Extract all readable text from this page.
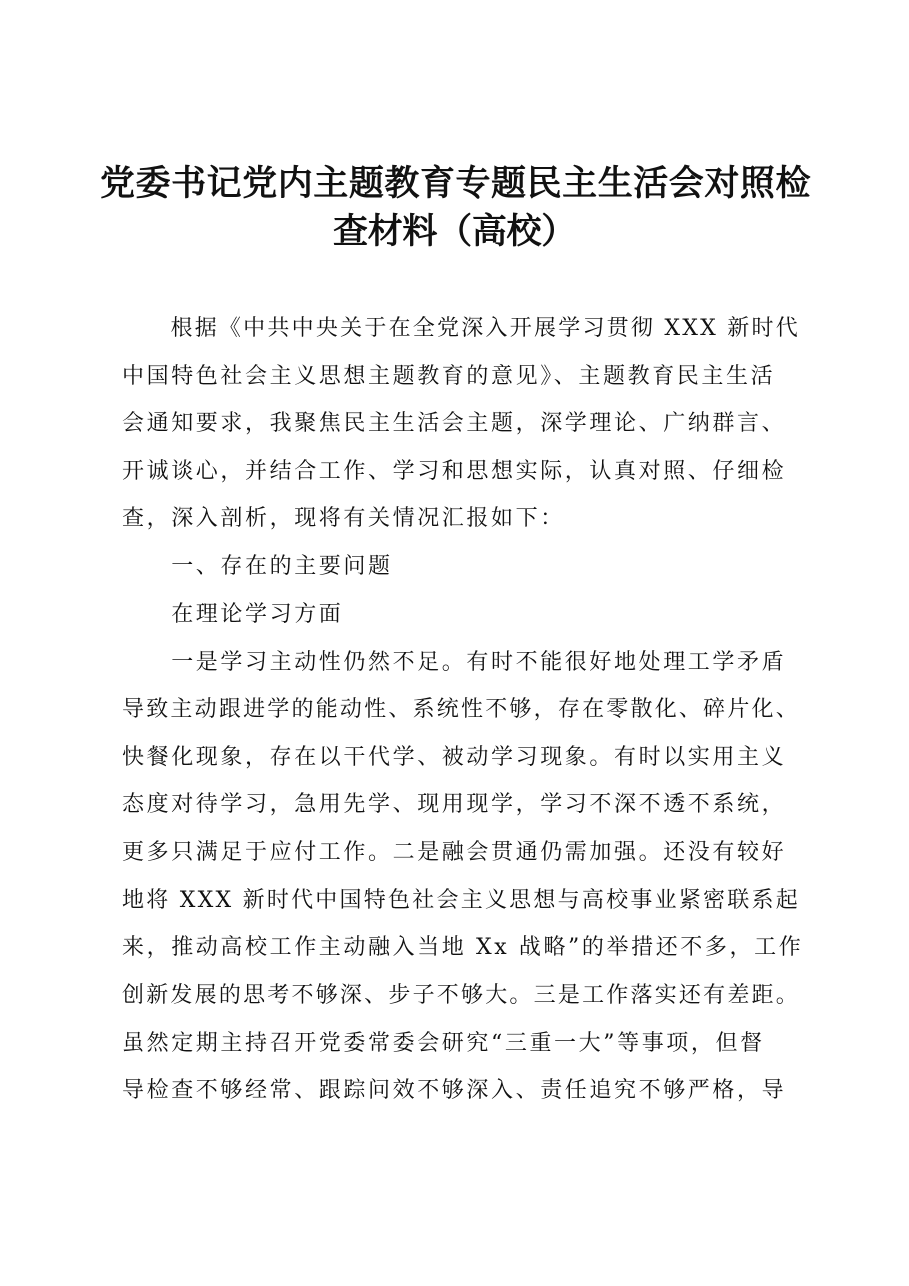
党委书记党内主题教育专题民主生活会对照检
查材料（高校）
　　根据《中共中央关于在全党深入开展学习贯彻 XXX 新时代
中国特色社会主义思想主题教育的意见》、主题教育民主生活
会通知要求，我聚焦民主生活会主题，深学理论、广纳群言、
开诚谈心，并结合工作、学习和思想实际，认真对照、仔细检
查，深入剖析，现将有关情况汇报如下：
　　一、存在的主要问题
　　在理论学习方面
　　一是学习主动性仍然不足。有时不能很好地处理工学矛盾
导致主动跟进学的能动性、系统性不够，存在零散化、碎片化、
快餐化现象，存在以干代学、被动学习现象。有时以实用主义
态度对待学习，急用先学、现用现学，学习不深不透不系统，
更多只满足于应付工作。二是融会贯通仍需加强。还没有较好
地将 XXX 新时代中国特色社会主义思想与高校事业紧密联系起
来，推动高校工作主动融入当地 Xx 战略”的举措还不多，工作
创新发展的思考不够深、步子不够大。三是工作落实还有差距。
虽然定期主持召开党委常委会研究“三重一大”等事项，但督
导检查不够经常、跟踪问效不够深入、责任追究不够严格，导
